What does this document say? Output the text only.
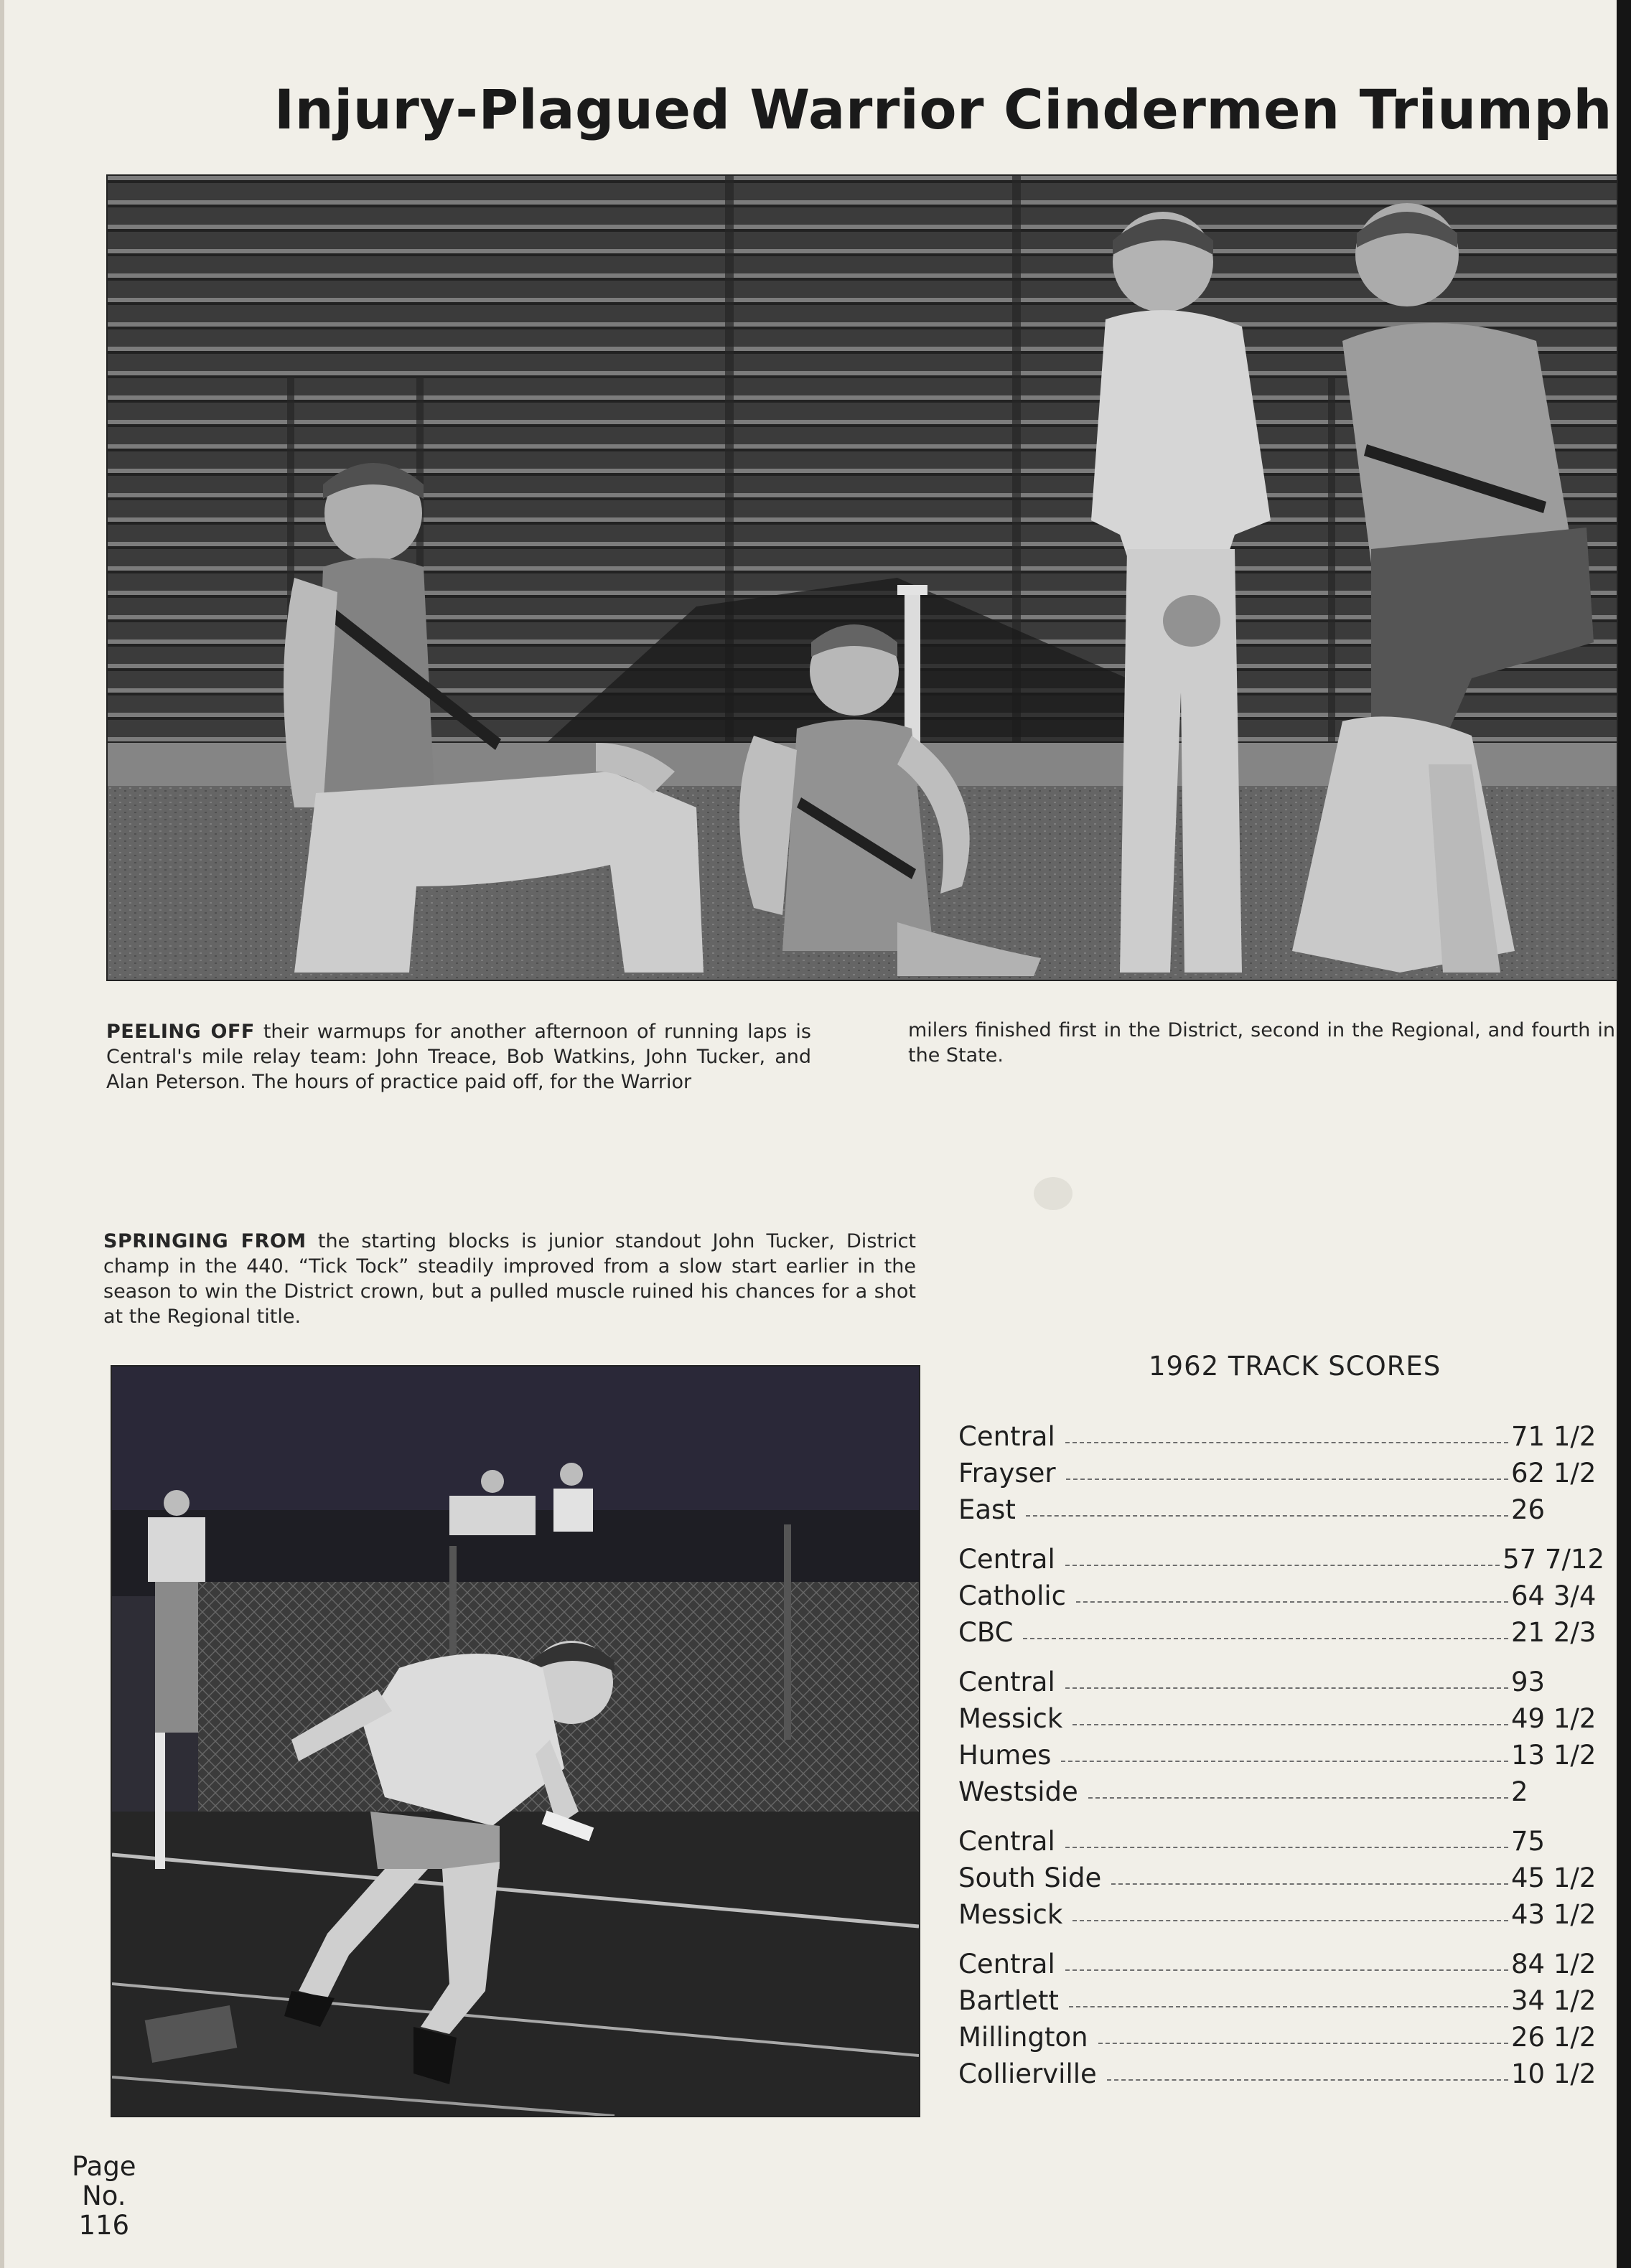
Injury-Plagued Warrior Cindermen Triumph
PEELING OFF their warmups for another afternoon of running laps is Central's mile relay team: John Treace, Bob Watkins, John Tucker, and Alan Peterson. The hours of practice paid off, for the Warrior
milers finished first in the District, second in the Regional, and fourth in the State.
SPRINGING FROM the starting blocks is junior standout John Tucker, District champ in the 440. “Tick Tock” steadily improved from a slow start earlier in the season to win the District crown, but a pulled muscle ruined his chances for a shot at the Regional title.
1962 TRACK SCORES
Central	71 1/2
Frayser	62 1/2
East	26
Central	57 7/12
Catholic	64 3/4
CBC	21 2/3
Central	93
Messick	49 1/2
Humes	13 1/2
Westside	2
Central	75
South Side	45 1/2
Messick	43 1/2
Central	84 1/2
Bartlett	34 1/2
Millington	26 1/2
Collierville	10 1/2
Page
No.
116
